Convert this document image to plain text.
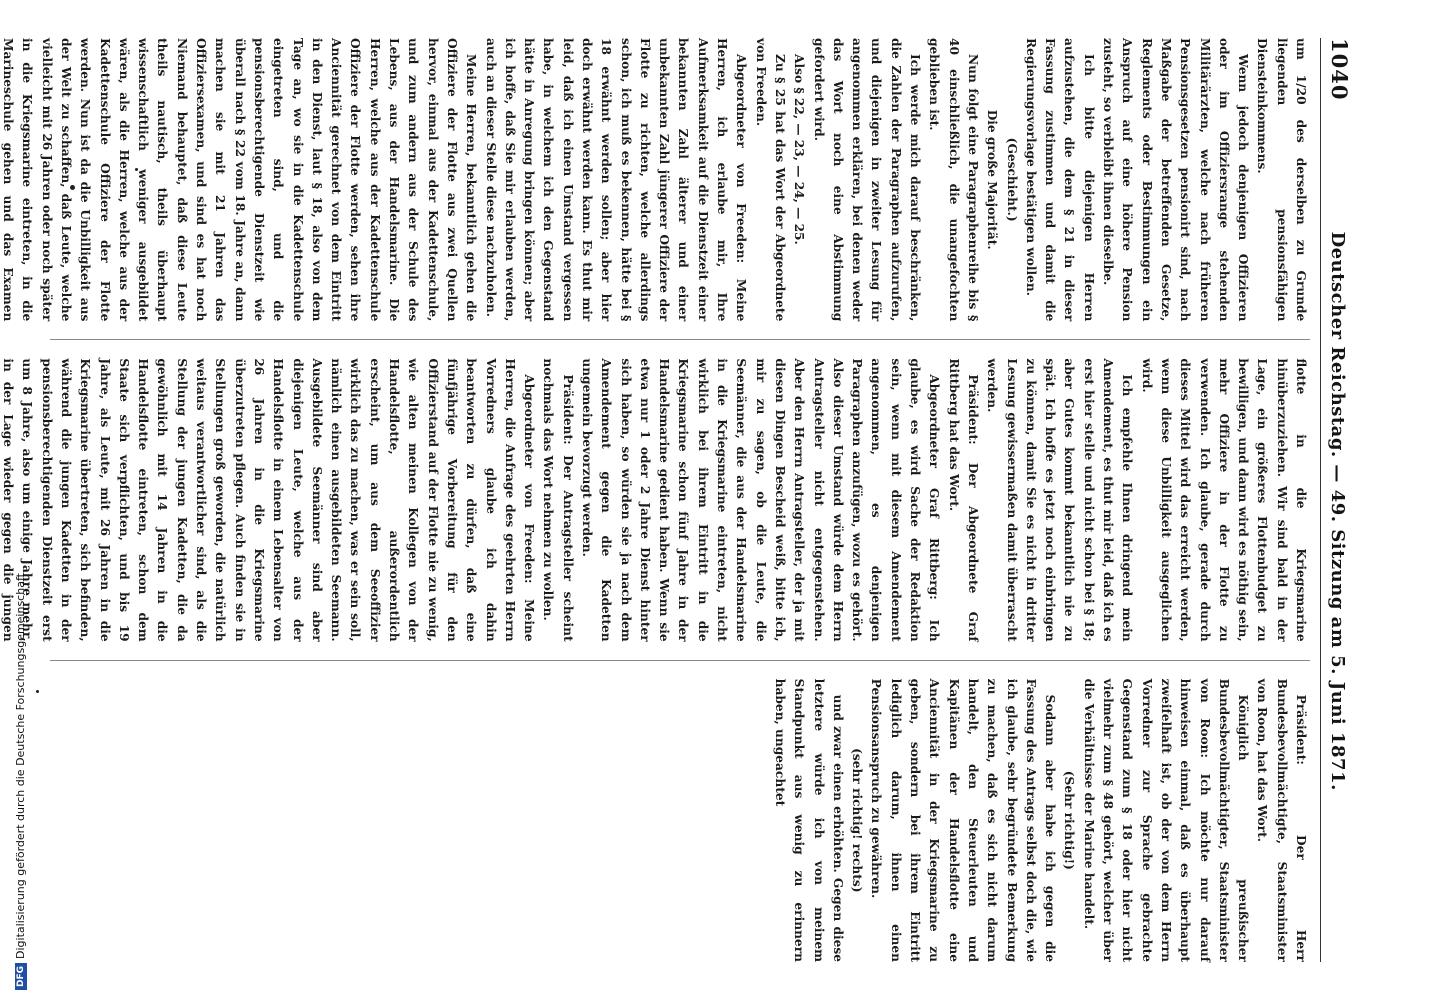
1040
Deutscher Reichstag. — 49. Sitzung am 5. Juni 1871.

um 1/20 des derselben zu Grunde liegenden pensionsfähigen Diensteinkommens.

Wenn jedoch denjenigen Offizieren oder im Offiziersrange stehenden Militärärzten, welche nach früheren Pensionsgesetzen pensionirt sind, nach Maßgabe der betreffenden Gesetze, Reglements oder Bestimmungen ein Anspruch auf eine höhere Pension zusteht, so verbleibt ihnen dieselbe.

Ich bitte diejenigen Herren aufzustehen, die dem § 21 in dieser Fassung zustimmen und damit die Regierungsvorlage bestätigen wollen.

(Geschieht.)

Die große Majorität.

Nun folgt eine Paragraphenreihe bis § 40 einschließlich, die unangefochten geblieben ist.

Ich werde mich darauf beschränken, die Zahlen der Paragraphen aufzurufen, und diejenigen in zweiter Lesung für angenommen erklären, bei denen weder das Wort noch eine Abstimmung gefordert wird.

Also § 22, — 23, — 24, — 25.

Zu § 25 hat das Wort der Abgeordnete von Freeden.

Abgeordneter von Freeden: Meine Herren, ich erlaube mir, Ihre Aufmerksamkeit auf die Dienstzeit einer bekannten Zahl älterer und einer unbekannten Zahl jüngerer Offiziere der Flotte zu richten, welche allerdings schon, ich muß es bekennen, hätte bei § 18 erwähnt werden sollen; aber hier doch erwähnt werden kann. Es thut mir leid, daß ich einen Umstand vergessen habe, in welchem ich den Gegenstand hätte in Anregung bringen können; aber ich hoffe, daß Sie mir erlauben werden, auch an dieser Stelle diese nachzuholen.

Meine Herren, bekanntlich gehen die Offiziere der Flotte aus zwei Quellen hervor, einmal aus der Kadettenschule, und zum andern aus der Schule des Lebens, aus der Handelsmarine. Die Herren, welche aus der Kadettenschule Offiziere der Flotte werden, sehen ihre Anciennität gerechnet von dem Eintritt in den Dienst, laut § 18, also von dem Tage an, wo sie in die Kadettenschule eingetreten sind, und die pensionsberechtigende Dienstzeit wie überall nach § 22 vom 18. Jahre an, dann machen sie mit 21 Jahren das Offiziersexamen, und sind es hat noch Niemand behauptet, daß diese Leute theils nautisch, theils überhaupt wissenschaftlich weniger ausgebildet wären, als die Herren, welche aus der Kadettenschule Offiziere der Flotte werden. Nun ist da die Unbilligkeit aus der Welt zu schaffen, daß Leute, welche vielleicht mit 26 Jahren oder noch später in die Kriegsmarine eintreten, in die Marineschule gehen und das Examen

flotte in die Kriegsmarine hinüberzuziehen. Wir sind bald in der Lage, ein größeres Flottenbudget zu bewilligen, und dann wird es nöthig sein, mehr Offiziere in der Flotte zu verwenden. Ich glaube, gerade durch dieses Mittel wird das erreicht werden, wenn diese Unbilligkeit ausgeglichen wird.

Ich empfehle Ihnen dringend mein Amendement, es thut mir leid, daß ich es erst hier stelle und nicht schon bei § 18; aber Gutes kommt bekanntlich nie zu spät. Ich hoffe es jetzt noch einbringen zu können, damit Sie es nicht in dritter Lesung gewissermaßen damit überrascht werden.

Präsident: Der Abgeordnete Graf Rittberg hat das Wort.

Abgeordneter Graf Rittberg: Ich glaube, es wird Sache der Redaktion sein, wenn mit diesem Amendement angenommen, es denjenigen Paragraphen anzufügen, wozu es gehört. Also dieser Umstand würde dem Herrn Antragsteller nicht entgegenstehen. Aber den Herrn Antragsteller, der ja mit diesen Dingen Bescheid weiß, bitte ich, mir zu sagen, ob die Leute, die Seemänner, die aus der Handelsmarine in die Kriegsmarine eintreten, nicht wirklich bei ihrem Eintritt in die Kriegsmarine schon fünf Jahre in der Handelsmarine gedient haben. Wenn sie etwa nur 1 oder 2 Jahre Dienst hinter sich haben, so würden sie ja nach dem Amendement gegen die Kadetten ungemein bevorzugt werden.

Präsident: Der Antragsteller scheint nochmals das Wort nehmen zu wollen.

Abgeordneter von Freeden: Meine Herren, die Anfrage des geehrten Herrn Vorredners glaube ich dahin beantworten zu dürfen, daß eine fünfjährige Vorbereitung für den Offizierstand auf der Flotte nie zu wenig, wie alten meinen Kollegen von der Handelsflotte, außerordentlich erscheint, um aus dem Seeoffizier wirklich das zu machen, was er sein soll, nämlich einen ausgebildeten Seemann. Ausgebildete Seemänner sind aber diejenigen Leute, welche aus der Handelsflotte in einem Lebensalter von 26 Jahren in die Kriegsmarine überzutreten pflegen. Auch finden sie in Stellungen groß geworden, die natürlich weitaus verantwortlicher sind, als die Stellung der jungen Kadetten, die da gewöhnlich mit 14 Jahren in die Handelsflotte eintreten, schon dem Staate sich verpflichten, und bis 19 Jahre, als Leute, mit 26 Jahren in die Kriegsmarine übertreten, sich befinden, während die jungen Kadetten in der pensionsberechtigenden Dienstzeit erst um 8 Jahre, also um einige Jahre mehr, in der Lage wieder gegen die jungen

Präsident: Der Herr Bundesbevollmächtigte, Staatsminister von Roon, hat das Wort.

Königlich preußischer Bundesbevollmächtigter, Staatsminister von Roon: Ich möchte nur darauf hinweisen einmal, daß es überhaupt zweifelhaft ist, ob der von dem Herrn Vorredner zur Sprache gebrachte Gegenstand zum § 18 oder hier nicht vielmehr zum § 48 gehört, welcher über die Verhältnisse der Marine handelt.

(Sehr richtig!)

Sodann aber habe ich gegen die Fassung des Antrags selbst doch die, wie ich glaube, sehr begründete Bemerkung zu machen, daß es sich nicht darum handelt, den Steuerleuten und Kapitänen der Handelsflotte eine Anciennität in der Kriegsmarine zu geben, sondern bei ihrem Eintritt lediglich darum, ihnen einen Pensionsanspruch zu gewähren.

(sehr richtig! rechts)

und zwar einen erhöhten. Gegen diese letztere würde ich von meinem Standpunkt aus wenig zu erinnern haben, ungeachtet

DFG
Digitalisierung gefördert durch die Deutsche Forschungsgemeinschaft
